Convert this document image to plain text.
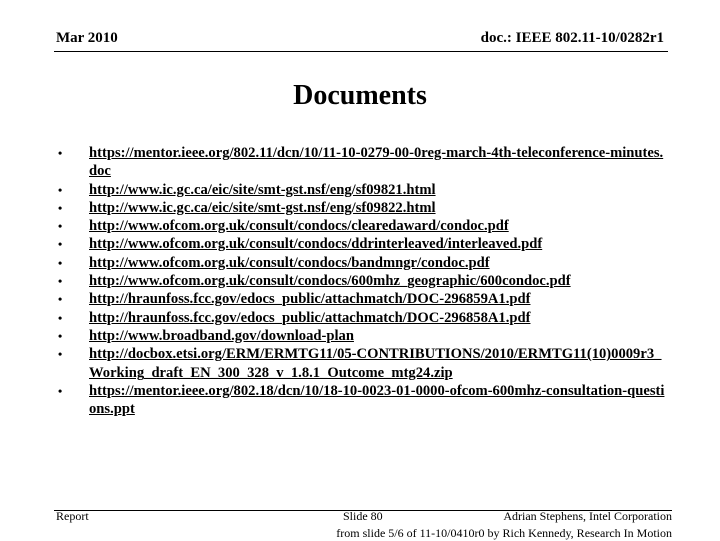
Mar 2010	doc.: IEEE 802.11-10/0282r1
Documents
•	https://mentor.ieee.org/802.11/dcn/10/11-10-0279-00-0reg-march-4th-teleconference-minutes.doc
•	http://www.ic.gc.ca/eic/site/smt-gst.nsf/eng/sf09821.html
•	http://www.ic.gc.ca/eic/site/smt-gst.nsf/eng/sf09822.html
•	http://www.ofcom.org.uk/consult/condocs/clearedaward/condoc.pdf
•	http://www.ofcom.org.uk/consult/condocs/ddrinterleaved/interleaved.pdf
•	http://www.ofcom.org.uk/consult/condocs/bandmngr/condoc.pdf
•	http://www.ofcom.org.uk/consult/condocs/600mhz_geographic/600condoc.pdf
•	http://hraunfoss.fcc.gov/edocs_public/attachmatch/DOC-296859A1.pdf
•	http://hraunfoss.fcc.gov/edocs_public/attachmatch/DOC-296858A1.pdf
•	http://www.broadband.gov/download-plan
•	http://docbox.etsi.org/ERM/ERMTG11/05-CONTRIBUTIONS/2010/ERMTG11(10)0009r3_Working_draft_EN_300_328_v_1.8.1_Outcome_mtg24.zip
•	https://mentor.ieee.org/802.18/dcn/10/18-10-0023-01-0000-ofcom-600mhz-consultation-questions.ppt
Report	Slide 80	Adrian Stephens, Intel Corporation
from slide 5/6 of 11-10/0410r0 by Rich Kennedy, Research In Motion
